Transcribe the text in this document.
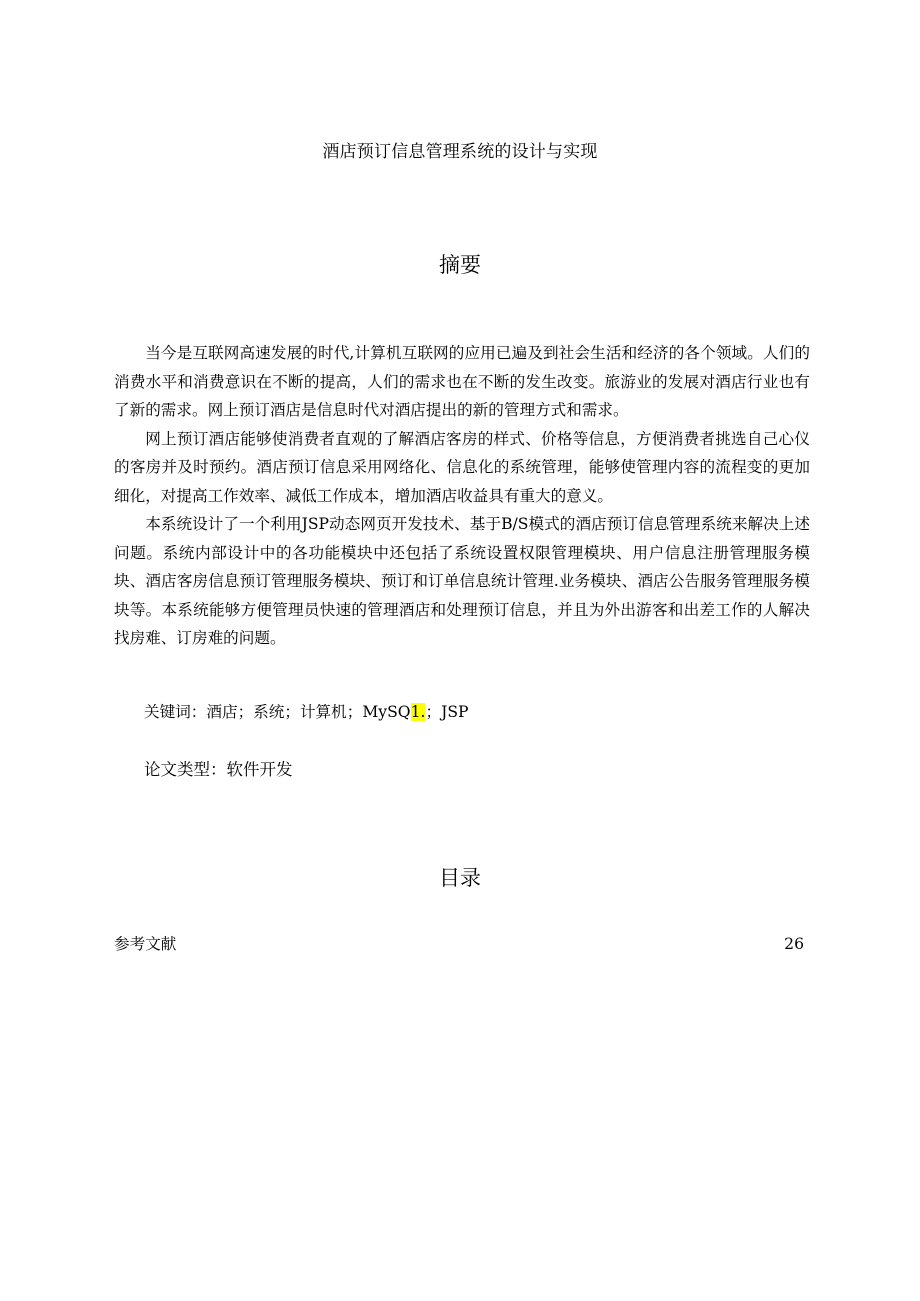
酒店预订信息管理系统的设计与实现
摘要

当今是互联网高速发展的时代,计算机互联网的应用已遍及到社会生活和经济的各个领域。人们的消费水平和消费意识在不断的提高，人们的需求也在不断的发生改变。旅游业的发展对酒店行业也有了新的需求。网上预订酒店是信息时代对酒店提出的新的管理方式和需求。

网上预订酒店能够使消费者直观的了解酒店客房的样式、价格等信息，方便消费者挑选自己心仪的客房并及时预约。酒店预订信息采用网络化、信息化的系统管理，能够使管理内容的流程变的更加细化，对提高工作效率、减低工作成本，增加酒店收益具有重大的意义。

本系统设计了一个利用JSP动态网页开发技术、基于B/S模式的酒店预订信息管理系统来解决上述问题。系统内部设计中的各功能模块中还包括了系统设置权限管理模块、用户信息注册管理服务模块、酒店客房信息预订管理服务模块、预订和订单信息统计管理.业务模块、酒店公告服务管理服务模块等。本系统能够方便管理员快速的管理酒店和处理预订信息，并且为外出游客和出差工作的人解决找房难、订房难的问题。

关键词：酒店；系统；计算机；MySQ1.；JSP
论文类型：软件开发
目录
参考文献	26
